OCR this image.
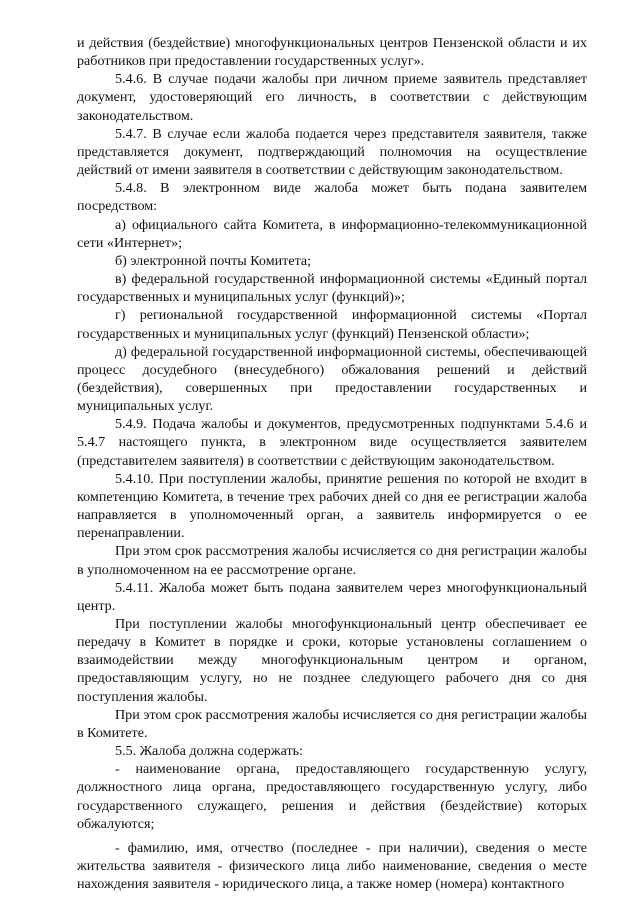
и действия (бездействие) многофункциональных центров Пензенской области и их работников при предоставлении государственных услуг».

5.4.6. В случае подачи жалобы при личном приеме заявитель представляет документ, удостоверяющий его личность, в соответствии с действующим законодательством.

5.4.7. В случае если жалоба подается через представителя заявителя, также представляется документ, подтверждающий полномочия на осуществление действий от имени заявителя в соответствии с действующим законодательством.

5.4.8. В электронном виде жалоба может быть подана заявителем посредством:

а) официального сайта Комитета, в информационно-телекоммуникационной сети «Интернет»;

б) электронной почты Комитета;

в) федеральной государственной информационной системы «Единый портал государственных и муниципальных услуг (функций)»;

г) региональной государственной информационной системы «Портал государственных и муниципальных услуг (функций) Пензенской области»;

д) федеральной государственной информационной системы, обеспечивающей процесс досудебного (внесудебного) обжалования решений и действий (бездействия), совершенных при предоставлении государственных и муниципальных услуг.

5.4.9. Подача жалобы и документов, предусмотренных подпунктами 5.4.6 и 5.4.7 настоящего пункта, в электронном виде осуществляется заявителем (представителем заявителя) в соответствии с действующим законодательством.

5.4.10. При поступлении жалобы, принятие решения по которой не входит в компетенцию Комитета, в течение трех рабочих дней со дня ее регистрации жалоба направляется в уполномоченный орган, а заявитель информируется о ее перенаправлении.

При этом срок рассмотрения жалобы исчисляется со дня регистрации жалобы в уполномоченном на ее рассмотрение органе.

5.4.11. Жалоба может быть подана заявителем через многофункциональный центр.

При поступлении жалобы многофункциональный центр обеспечивает ее передачу в Комитет в порядке и сроки, которые установлены соглашением о взаимодействии между многофункциональным центром и органом, предоставляющим услугу, но не позднее следующего рабочего дня со дня поступления жалобы.

При этом срок рассмотрения жалобы исчисляется со дня регистрации жалобы в Комитете.

5.5. Жалоба должна содержать:

- наименование органа, предоставляющего государственную услугу, должностного лица органа, предоставляющего государственную услугу, либо государственного служащего, решения и действия (бездействие) которых обжалуются;

- фамилию, имя, отчество (последнее - при наличии), сведения о месте жительства заявителя - физического лица либо наименование, сведения о месте нахождения заявителя - юридического лица, а также номер (номера) контактного
